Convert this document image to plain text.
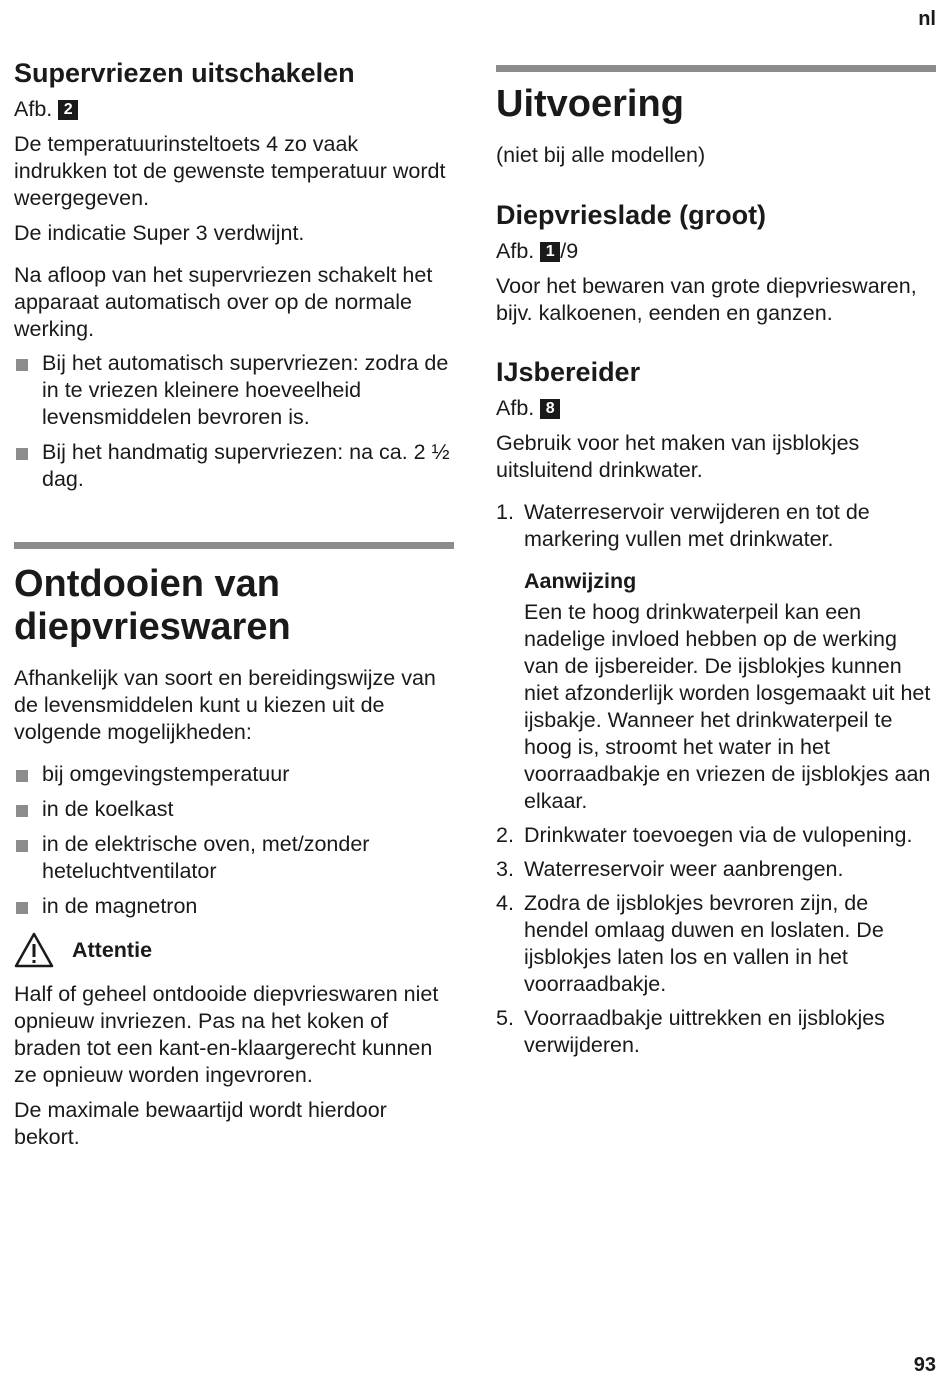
nl
Supervriezen uitschakelen
Afb. 2

De temperatuurinsteltoets 4 zo vaak indrukken tot de gewenste temperatuur wordt weergegeven.

De indicatie Super 3 verdwijnt.

Na afloop van het supervriezen schakelt het apparaat automatisch over op de normale werking.

Bij het automatisch supervriezen: zodra de in te vriezen kleinere hoeveelheid levensmiddelen bevroren is.
Bij het handmatig supervriezen: na ca. 2 ½ dag.
Ontdooien van
diepvrieswaren

Afhankelijk van soort en bereidingswijze van de levensmiddelen kunt u kiezen uit de volgende mogelijkheden:

bij omgevingstemperatuur
in de koelkast
in de elektrische oven, met/zonder heteluchtventilator
in de magnetron
Attentie

Half of geheel ontdooide diepvrieswaren niet opnieuw invriezen. Pas na het koken of braden tot een kant-en-klaargerecht kunnen ze opnieuw worden ingevroren.

De maximale bewaartijd wordt hierdoor bekort.

Uitvoering

(niet bij alle modellen)

Diepvrieslade (groot)
Afb. 1 /9

Voor het bewaren van grote diepvrieswaren, bijv. kalkoenen, eenden en ganzen.

IJsbereider
Afb. 8

Gebruik voor het maken van ijsblokjes uitsluitend drinkwater.

1. Waterreservoir verwijderen en tot de markering vullen met drinkwater.
Aanwijzing
Een te hoog drinkwaterpeil kan een nadelige invloed hebben op de werking van de ijsbereider. De ijsblokjes kunnen niet afzonderlijk worden losgemaakt uit het ijsbakje. Wanneer het drinkwaterpeil te hoog is, stroomt het water in het voorraadbakje en vriezen de ijsblokjes aan elkaar.
2. Drinkwater toevoegen via de vulopening.
3. Waterreservoir weer aanbrengen.
4. Zodra de ijsblokjes bevroren zijn, de hendel omlaag duwen en loslaten. De ijsblokjes laten los en vallen in het voorraadbakje.
5. Voorraadbakje uittrekken en ijsblokjes verwijderen.
93
